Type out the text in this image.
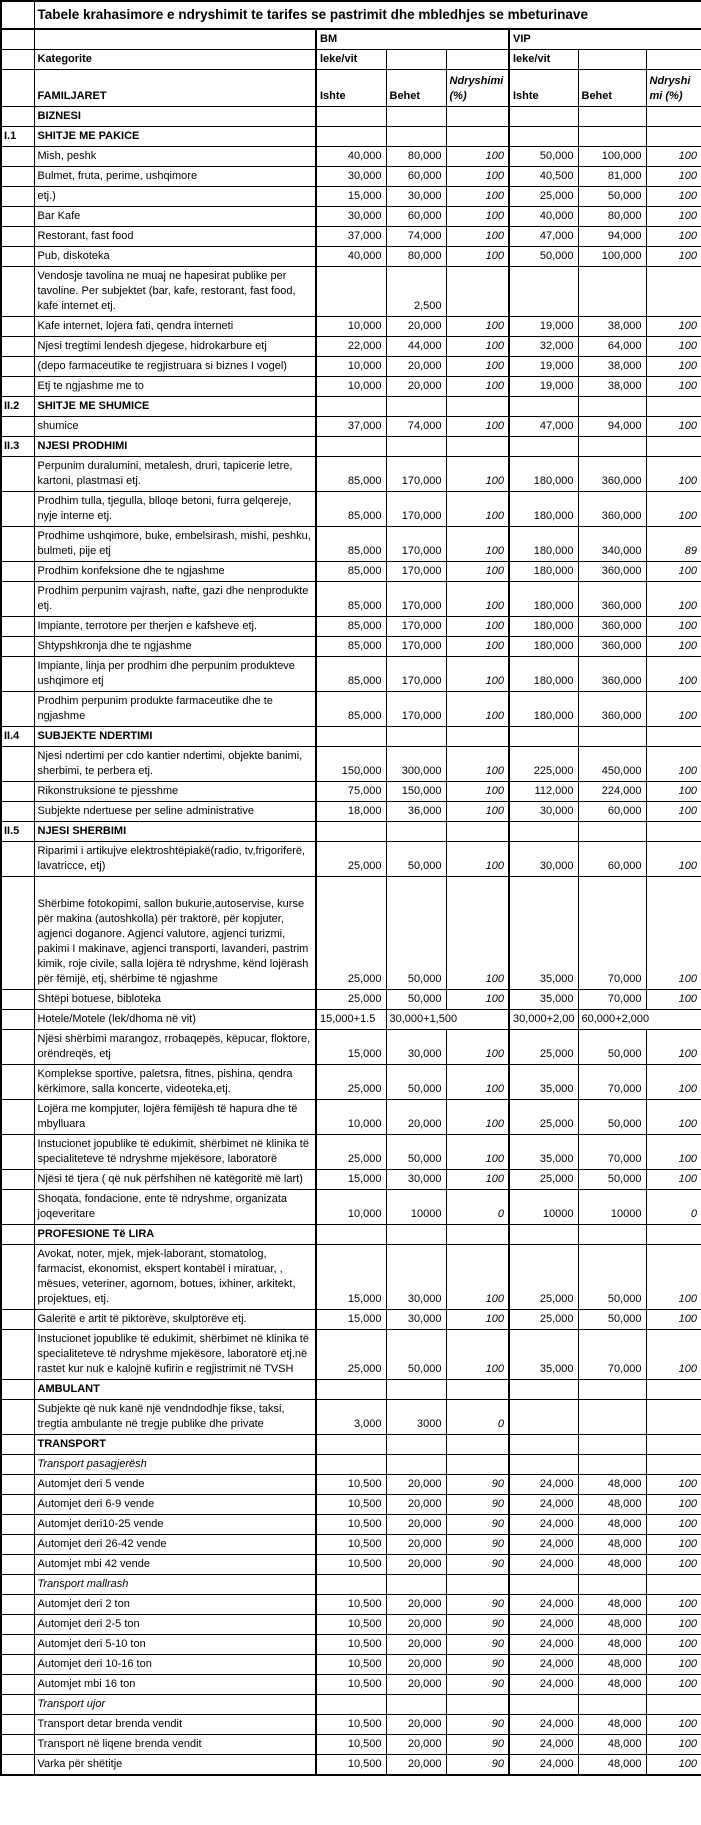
	Tabele krahasimore e ndryshimit te tarifes se pastrimit dhe mbledhjes se mbeturinave						
		BM			VIP		
	Kategorite	leke/vit			leke/vit		
	FAMILJARET	Ishte	Behet	Ndryshimi (%)	Ishte	Behet	Ndryshimi (%)
	BIZNESI						
I.1	SHITJE ME PAKICE						
	Mish, peshk	40,000	80,000	100	50,000	100,000	100
	Bulmet, fruta, perime, ushqimore	30,000	60,000	100	40,500	81,000	100
	etj.)	15,000	30,000	100	25,000	50,000	100
	Bar Kafe	30,000	60,000	100	40,000	80,000	100
	Restorant, fast food	37,000	74,000	100	47,000	94,000	100
	Pub, diskoteka	40,000	80,000	100	50,000	100,000	100
	Vendosje tavolina ne muaj ne hapesirat publike per tavoline. Per subjektet (bar, kafe, restorant, fast food, kafe internet etj.		2,500				
	Kafe internet, lojera fati, qendra interneti	10,000	20,000	100	19,000	38,000	100
	Njesi tregtimi lendesh djegese, hidrokarbure etj	22,000	44,000	100	32,000	64,000	100
	(depo farmaceutike te regjistruara si biznes I vogel)	10,000	20,000	100	19,000	38,000	100
	Etj te ngjashme me to	10,000	20,000	100	19,000	38,000	100
II.2	SHITJE ME SHUMICE						
	shumice	37,000	74,000	100	47,000	94,000	100
II.3	NJESI PRODHIMI						
	Perpunim duralumini, metalesh, druri, tapicerie letre, kartoni, plastmasi etj.	85,000	170,000	100	180,000	360,000	100
	Prodhim tulla, tjegulla, blloqe betoni, furra gelqereje, nyje interne etj.	85,000	170,000	100	180,000	360,000	100
	Prodhime ushqimore, buke, embelsirash, mishi, peshku, bulmeti, pije etj	85,000	170,000	100	180,000	340,000	89
	Prodhim konfeksione dhe te ngjashme	85,000	170,000	100	180,000	360,000	100
	Prodhim perpunim vajrash, nafte, gazi dhe nenprodukte etj.	85,000	170,000	100	180,000	360,000	100
	Impiante, terrotore per therjen e kafsheve etj.	85,000	170,000	100	180,000	360,000	100
	Shtypshkronja dhe te ngjashme	85,000	170,000	100	180,000	360,000	100
	Impiante, linja per prodhim dhe perpunim produkteve ushqimore etj	85,000	170,000	100	180,000	360,000	100
	Prodhim perpunim produkte farmaceutike dhe te ngjashme	85,000	170,000	100	180,000	360,000	100
II.4	SUBJEKTE NDERTIMI						
	Njesi ndertimi per cdo kantier ndertimi, objekte banimi, sherbimi, te perbera etj.	150,000	300,000	100	225,000	450,000	100
	Rikonstruksione te pjesshme	75,000	150,000	100	112,000	224,000	100
	Subjekte ndertuese per seline administrative	18,000	36,000	100	30,000	60,000	100
II.5	NJESI SHERBIMI						
	Riparimi i artikujve elektroshtëpiakë(radio, tv,frigoriferë, lavatricce, etj)	25,000	50,000	100	30,000	60,000	100
	Shërbime fotokopimi, sallon bukurie,autoservise, kurse për makina (autoshkolla) për traktorë, për kopjuter, agjenci doganore. Agjenci valutore, agjenci turizmi, pakimi I makinave, agjenci transporti, lavanderi, pastrim kimik, roje civile, salla lojëra të ndryshme, kënd lojërash për fëmijë, etj, shërbime të ngjashme	25,000	50,000	100	35,000	70,000	100
	Shtëpi botuese, bibloteka	25,000	50,000	100	35,000	70,000	100
	Hotele/Motele (lek/dhoma në vit)	15,000+1.5	30,000+1,500		30,000+2,00	60,000+2,000	
	Njësi shërbimi marangoz, rrobaqepës, këpucar, floktore, orëndreqës, etj	15,000	30,000	100	25,000	50,000	100
	Komplekse sportive, paletsra, fitnes, pishina, qendra kërkimore, salla koncerte, videoteka,etj.	25,000	50,000	100	35,000	70,000	100
	Lojëra me kompjuter, lojëra fëmijësh të hapura dhe të mbylluara	10,000	20,000	100	25,000	50,000	100
	Instucionet jopublike të edukimit, shërbimet në klinika të specialiteteve të ndryshme mjekësore, laboratorë	25,000	50,000	100	35,000	70,000	100
	Njësi të tjera ( që nuk përfshihen në katëgoritë më lart)	15,000	30,000	100	25,000	50,000	100
	Shoqata, fondacione, ente të ndryshme, organizata joqeveritare	10,000	10000	0	10000	10000	0
	PROFESIONE Të LIRA						
	Avokat, noter, mjek, mjek-laborant, stomatolog, farmacist, ekonomist, ekspert kontabël i miratuar, , mësues, veteriner, agornom, botues, ixhiner, arkitekt, projektues, etj.	15,000	30,000	100	25,000	50,000	100
	Galeritë e artit të piktorëve, skulptorëve etj.	15,000	30,000	100	25,000	50,000	100
	Instucionet jopublike të edukimit, shërbimet në klinika të specialiteteve të ndryshme mjekësore, laboratorë etj.në rastet kur nuk e kalojnë kufirin e regjistrimit në TVSH	25,000	50,000	100	35,000	70,000	100
	AMBULANT						
	Subjekte që nuk kanë një vendndodhje fikse, taksi, tregtia ambulante në tregje publike dhe private	3,000	3000	0			
	TRANSPORT						
	Transport pasagjerësh						
	Automjet deri 5 vende	10,500	20,000	90	24,000	48,000	100
	Automjet deri 6-9 vende	10,500	20,000	90	24,000	48,000	100
	Automjet deri10-25 vende	10,500	20,000	90	24,000	48,000	100
	Automjet deri 26-42 vende	10,500	20,000	90	24,000	48,000	100
	Automjet mbi 42 vende	10,500	20,000	90	24,000	48,000	100
	Transport mallrash						
	Automjet deri 2 ton	10,500	20,000	90	24,000	48,000	100
	Automjet deri 2-5 ton	10,500	20,000	90	24,000	48,000	100
	Automjet deri 5-10 ton	10,500	20,000	90	24,000	48,000	100
	Automjet deri 10-16 ton	10,500	20,000	90	24,000	48,000	100
	Automjet mbi 16 ton	10,500	20,000	90	24,000	48,000	100
	Transport ujor						
	Transport detar brenda vendit	10,500	20,000	90	24,000	48,000	100
	Transport në liqene brenda vendit	10,500	20,000	90	24,000	48,000	100
	Varka për shëtitje	10,500	20,000	90	24,000	48,000	100
